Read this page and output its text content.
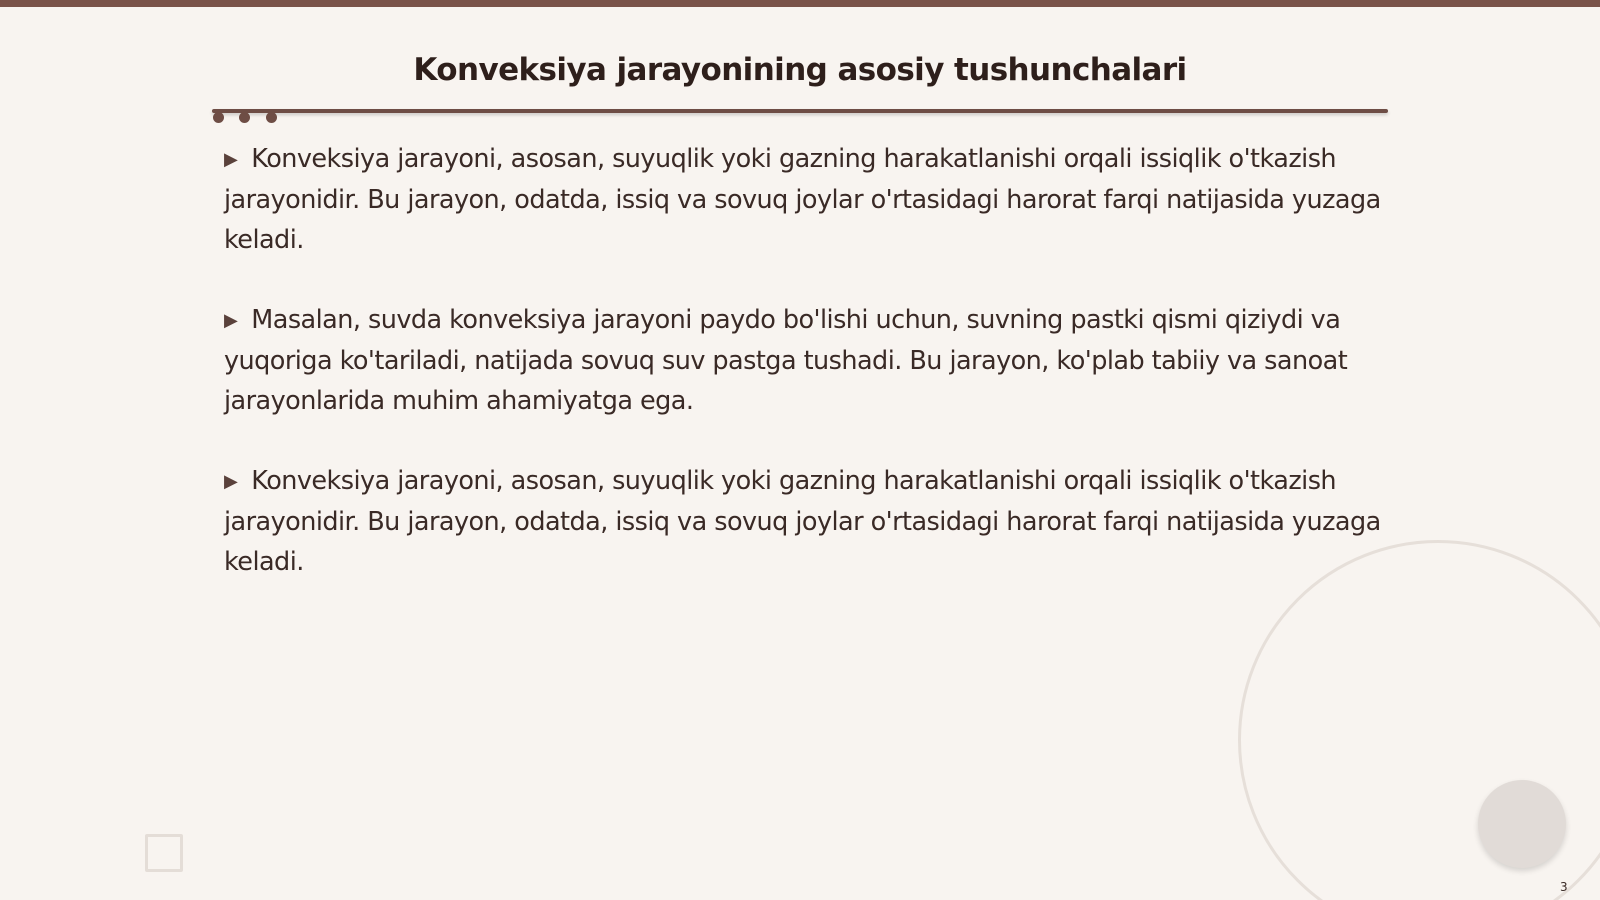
Konveksiya jarayonining asosiy tushunchalari

▶ Konveksiya jarayoni, asosan, suyuqlik yoki gazning harakatlanishi orqali issiqlik o'tkazish jarayonidir. Bu jarayon, odatda, issiq va sovuq joylar o'rtasidagi harorat farqi natijasida yuzaga keladi.

▶ Masalan, suvda konveksiya jarayoni paydo bo'lishi uchun, suvning pastki qismi qiziydi va yuqoriga ko'tariladi, natijada sovuq suv pastga tushadi. Bu jarayon, ko'plab tabiiy va sanoat jarayonlarida muhim ahamiyatga ega.

▶ Konveksiya jarayoni, asosan, suyuqlik yoki gazning harakatlanishi orqali issiqlik o'tkazish jarayonidir. Bu jarayon, odatda, issiq va sovuq joylar o'rtasidagi harorat farqi natijasida yuzaga keladi.

3
